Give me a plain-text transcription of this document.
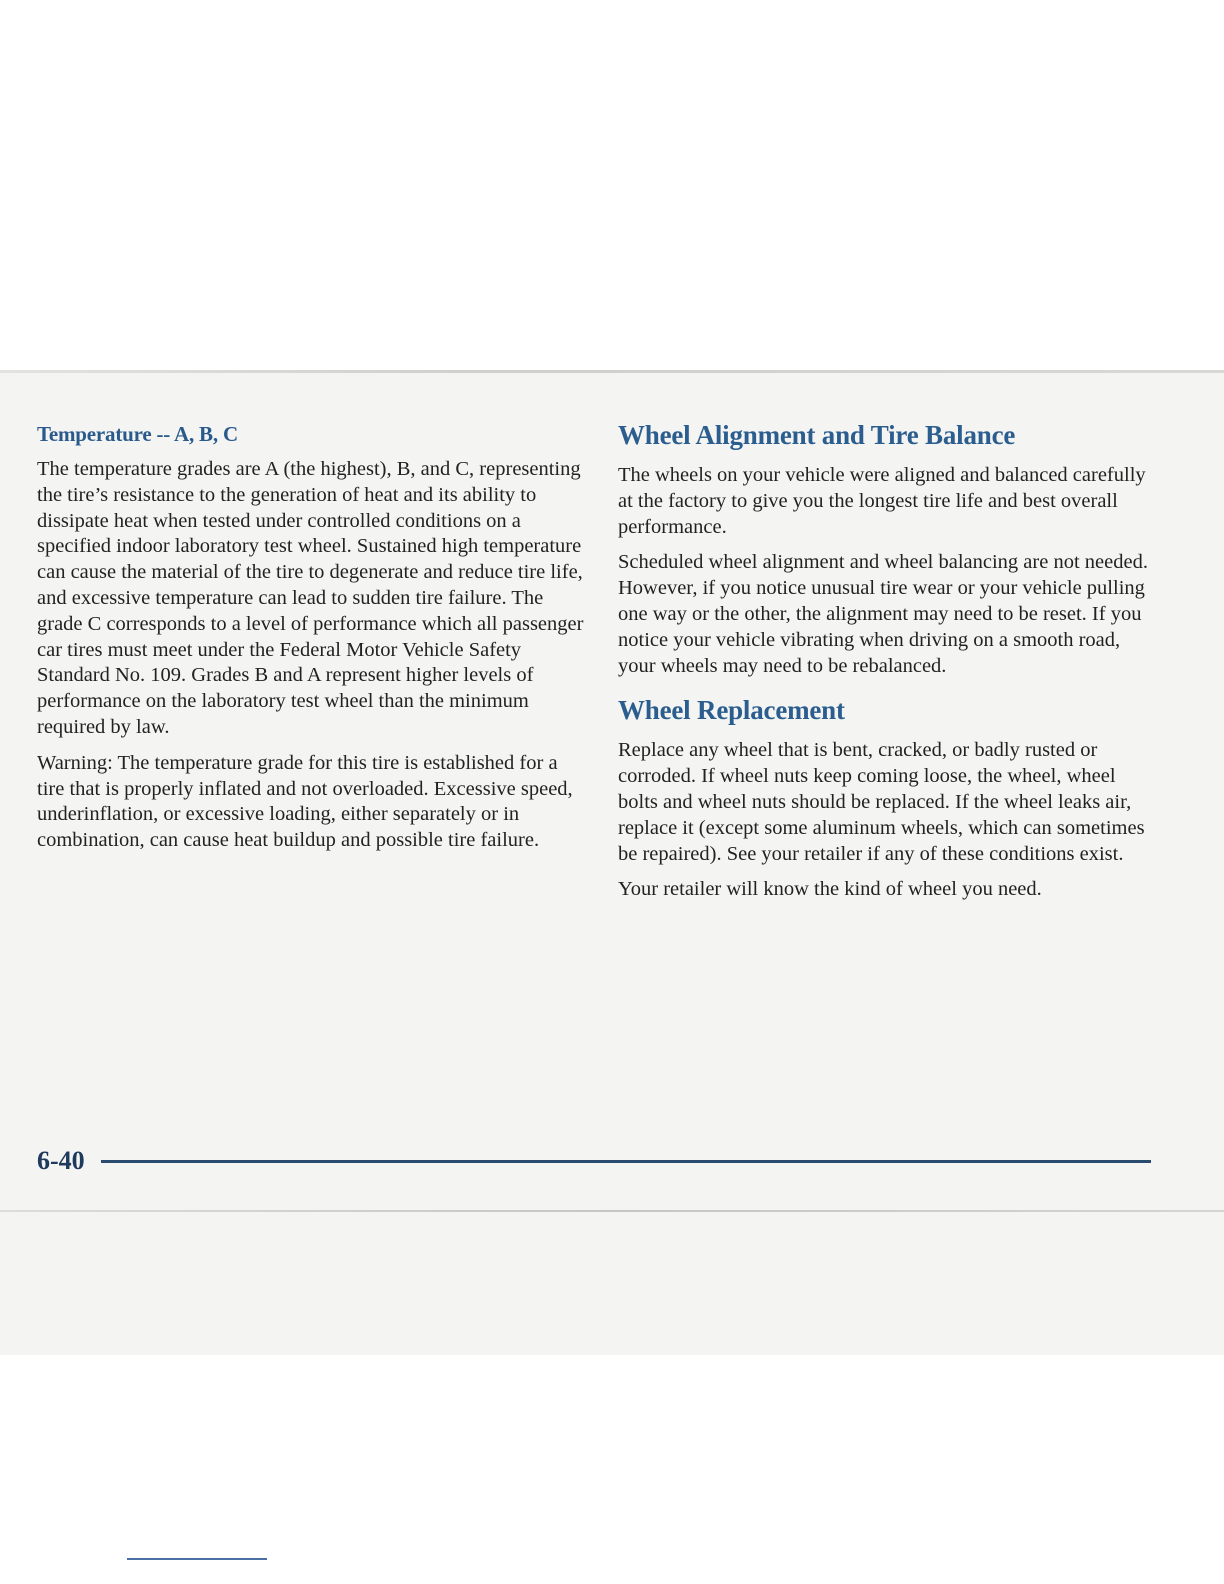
Temperature -- A, B, C

The temperature grades are A (the highest), B, and C, representing the tire’s resistance to the generation of heat and its ability to dissipate heat when tested under controlled conditions on a specified indoor laboratory test wheel. Sustained high temperature can cause the material of the tire to degenerate and reduce tire life, and excessive temperature can lead to sudden tire failure. The grade C corresponds to a level of performance which all passenger car tires must meet under the Federal Motor Vehicle Safety Standard No. 109. Grades B and A represent higher levels of performance on the laboratory test wheel than the minimum required by law.

Warning: The temperature grade for this tire is established for a tire that is properly inflated and not overloaded. Excessive speed, underinflation, or excessive loading, either separately or in combination, can cause heat buildup and possible tire failure.

Wheel Alignment and Tire Balance

The wheels on your vehicle were aligned and balanced carefully at the factory to give you the longest tire life and best overall performance.

Scheduled wheel alignment and wheel balancing are not needed. However, if you notice unusual tire wear or your vehicle pulling one way or the other, the alignment may need to be reset. If you notice your vehicle vibrating when driving on a smooth road, your wheels may need to be rebalanced.

Wheel Replacement

Replace any wheel that is bent, cracked, or badly rusted or corroded. If wheel nuts keep coming loose, the wheel, wheel bolts and wheel nuts should be replaced. If the wheel leaks air, replace it (except some aluminum wheels, which can sometimes be repaired). See your retailer if any of these conditions exist.

Your retailer will know the kind of wheel you need.

6-40
